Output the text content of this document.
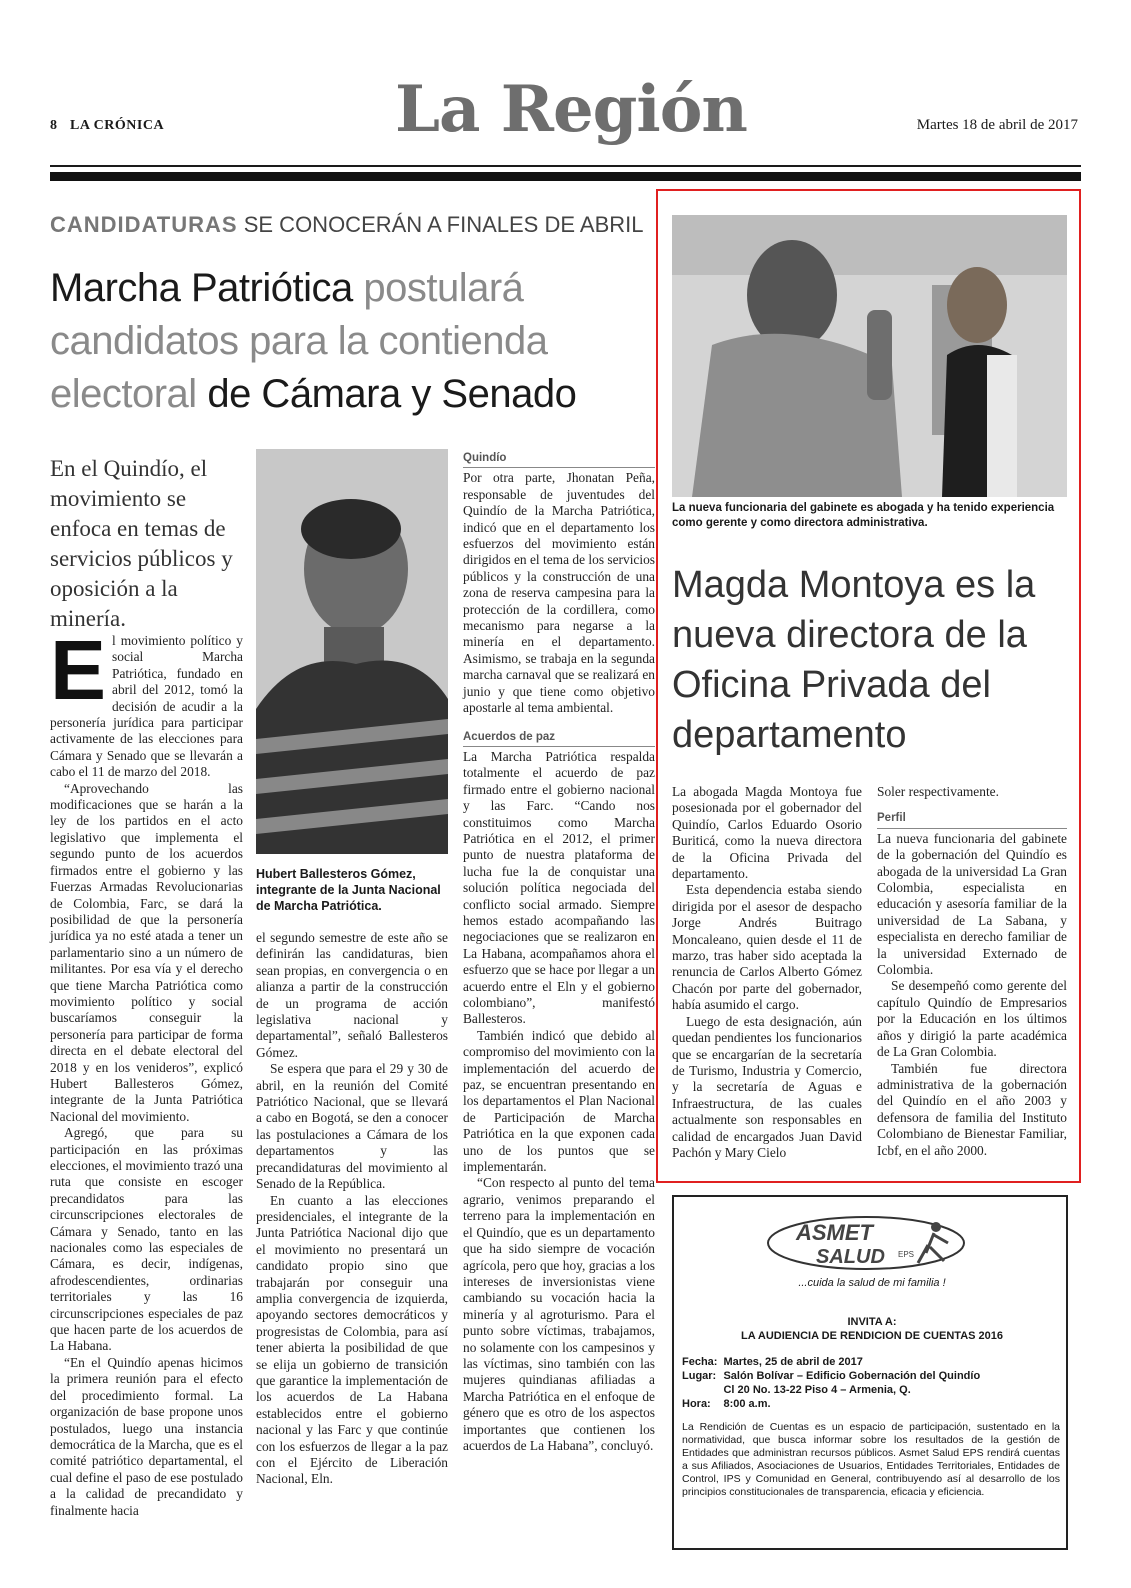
8 LA CRÓNICA	La Región	Martes 18 de abril de 2017
CANDIDATURAS SE CONOCERÁN A FINALES DE ABRIL
Marcha Patriótica postulará candidatos para la contienda electoral de Cámara y Senado
En el Quindío, el movimiento se enfoca en temas de servicios públicos y oposición a la minería.

El movimiento político y social Marcha Patriótica, fundado en abril del 2012, tomó la decisión de acudir a la personería jurídica para participar activamente de las elecciones para Cámara y Senado que se llevarán a cabo el 11 de marzo del 2018.

“Aprovechando las modificaciones que se harán a la ley de los partidos en el acto legislativo que implementa el segundo punto de los acuerdos firmados entre el gobierno y las Fuerzas Armadas Revolucionarias de Colombia, Farc, se dará la posibilidad de que la personería jurídica ya no esté atada a tener un parlamentario sino a un número de militantes. Por esa vía y el derecho que tiene Marcha Patriótica como movimiento político y social buscaríamos conseguir la personería para participar de forma directa en el debate electoral del 2018 y en los venideros”, explicó Hubert Ballesteros Gómez, integrante de la Junta Patriótica Nacional del movimiento.

Agregó, que para su participación en las próximas elecciones, el movimiento trazó una ruta que consiste en escoger precandidatos para las circunscripciones electorales de Cámara y Senado, tanto en las nacionales como las especiales de Cámara, es decir, indígenas, afrodescendientes, ordinarias territoriales y las 16 circunscripciones especiales de paz que hacen parte de los acuerdos de La Habana.

“En el Quindío apenas hicimos la primera reunión para el efecto del procedimiento formal. La organización de base propone unos postulados, luego una instancia democrática de la Marcha, que es el comité patriótico departamental, el cual define el paso de ese postulado a la calidad de precandidato y finalmente hacia

Hubert Ballesteros Gómez, integrante de la Junta Nacional de Marcha Patriótica.

el segundo semestre de este año se definirán las candidaturas, bien sean propias, en convergencia o en alianza a partir de la construcción de un programa de acción legislativa nacional y departamental”, señaló Ballesteros Gómez.

Se espera que para el 29 y 30 de abril, en la reunión del Comité Patriótico Nacional, que se llevará a cabo en Bogotá, se den a conocer las postulaciones a Cámara de los departamentos y las precandidaturas del movimiento al Senado de la República.

En cuanto a las elecciones presidenciales, el integrante de la Junta Patriótica Nacional dijo que el movimiento no presentará un candidato propio sino que trabajarán por conseguir una amplia convergencia de izquierda, apoyando sectores democráticos y progresistas de Colombia, para así tener abierta la posibilidad de que se elija un gobierno de transición que garantice la implementación de los acuerdos de La Habana establecidos entre el gobierno nacional y las Farc y que continúe con los esfuerzos de llegar a la paz con el Ejército de Liberación Nacional, Eln.

Quindío

Por otra parte, Jhonatan Peña, responsable de juventudes del Quindío de la Marcha Patriótica, indicó que en el departamento los esfuerzos del movimiento están dirigidos en el tema de los servicios públicos y la construcción de una zona de reserva campesina para la protección de la cordillera, como mecanismo para negarse a la minería en el departamento. Asimismo, se trabaja en la segunda marcha carnaval que se realizará en junio y que tiene como objetivo apostarle al tema ambiental.

Acuerdos de paz

La Marcha Patriótica respalda totalmente el acuerdo de paz firmado entre el gobierno nacional y las Farc. “Cando nos constituimos como Marcha Patriótica en el 2012, el primer punto de nuestra plataforma de lucha fue la de conquistar una solución política negociada del conflicto social armado. Siempre hemos estado acompañando las negociaciones que se realizaron en La Habana, acompañamos ahora el esfuerzo que se hace por llegar a un acuerdo entre el Eln y el gobierno colombiano”, manifestó Ballesteros.

También indicó que debido al compromiso del movimiento con la implementación del acuerdo de paz, se encuentran presentando en los departamentos el Plan Nacional de Participación de Marcha Patriótica en la que exponen cada uno de los puntos que se implementarán.

“Con respecto al punto del tema agrario, venimos preparando el terreno para la implementación en el Quindío, que es un departamento que ha sido siempre de vocación agrícola, pero que hoy, gracias a los intereses de inversionistas viene cambiando su vocación hacia la minería y al agroturismo. Para el punto sobre víctimas, trabajamos, no solamente con los campesinos y las víctimas, sino también con las mujeres quindianas afiliadas a Marcha Patriótica en el enfoque de género que es otro de los aspectos importantes que contienen los acuerdos de La Habana”, concluyó.

La nueva funcionaria del gabinete es abogada y ha tenido experiencia como gerente y como directora administrativa.
Magda Montoya es la nueva directora de la Oficina Privada del departamento

La abogada Magda Montoya fue posesionada por el gobernador del Quindío, Carlos Eduardo Osorio Buriticá, como la nueva directora de la Oficina Privada del departamento.

Esta dependencia estaba siendo dirigida por el asesor de despacho Jorge Andrés Buitrago Moncaleano, quien desde el 11 de marzo, tras haber sido aceptada la renuncia de Carlos Alberto Gómez Chacón por parte del gobernador, había asumido el cargo.

Luego de esta designación, aún quedan pendientes los funcionarios que se encargarían de la secretaría de Turismo, Industria y Comercio, y la secretaría de Aguas e Infraestructura, de las cuales actualmente son responsables en calidad de encargados Juan David Pachón y Mary Cielo

Soler respectivamente.

Perfil

La nueva funcionaria del gabinete de la gobernación del Quindío es abogada de la universidad La Gran Colombia, especialista en educación y asesoría familiar de la universidad de La Sabana, y especialista en derecho familiar de la universidad Externado de Colombia.

Se desempeñó como gerente del capítulo Quindío de Empresarios por la Educación en los últimos años y dirigió la parte académica de La Gran Colombia.

También fue directora administrativa de la gobernación del Quindío en el año 2003 y defensora de familia del Instituto Colombiano de Bienestar Familiar, Icbf, en el año 2000.

ASMET
SALUD EPS
...cuida la salud de mi familia !
INVITA A:
LA AUDIENCIA DE RENDICION DE CUENTAS 2016
Fecha:	Martes, 25 de abril de 2017
Lugar:	Salón Bolívar – Edificio Gobernación del Quindío
	Cl 20 No. 13-22 Piso 4 – Armenia, Q.
Hora:	8:00 a.m.
La Rendición de Cuentas es un espacio de participación, sustentado en la normatividad, que busca informar sobre los resultados de la gestión de Entidades que administran recursos públicos. Asmet Salud EPS rendirá cuentas a sus Afiliados, Asociaciones de Usuarios, Entidades Territoriales, Entidades de Control, IPS y Comunidad en General, contribuyendo así al desarrollo de los principios constitucionales de transparencia, eficacia y eficiencia.
